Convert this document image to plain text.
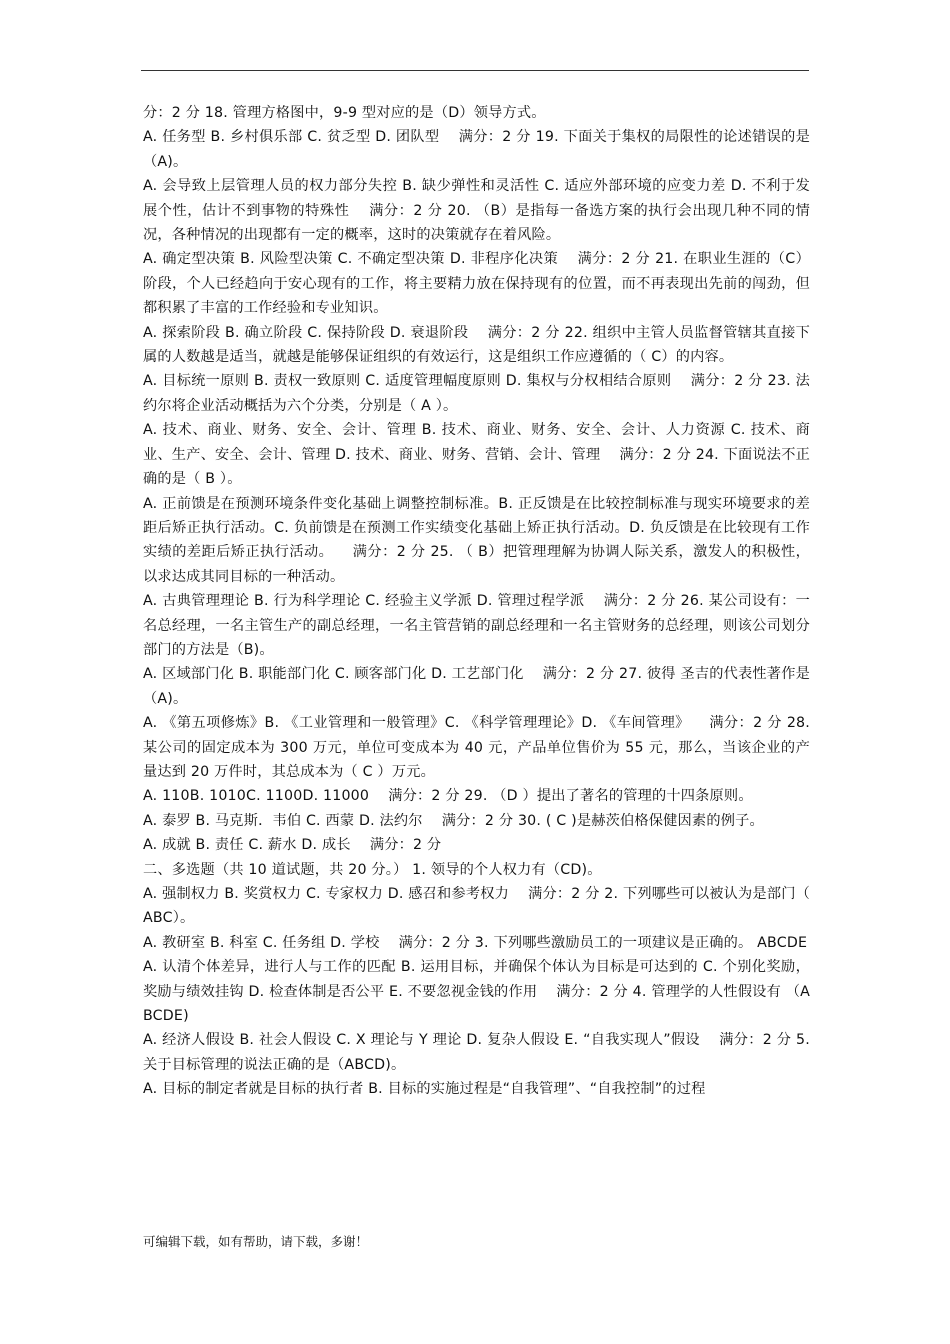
分：2 分 18. 管理方格图中，9-9 型对应的是（D）领导方式。

A. 任务型 B. 乡村俱乐部 C. 贫乏型 D. 团队型 　满分：2 分 19. 下面关于集权的局限性的论述错误的是（A)。

A. 会导致上层管理人员的权力部分失控 B. 缺少弹性和灵活性 C. 适应外部环境的应变力差 D. 不利于发展个性，估计不到事物的特殊性 　满分：2 分 20. （B）是指每一备选方案的执行会出现几种不同的情况，各种情况的出现都有一定的概率，这时的决策就存在着风险。

A. 确定型决策 B. 风险型决策 C. 不确定型决策 D. 非程序化决策 　满分：2 分 21. 在职业生涯的（C）阶段，个人已经趋向于安心现有的工作，将主要精力放在保持现有的位置，而不再表现出先前的闯劲，但都积累了丰富的工作经验和专业知识。

A. 探索阶段 B. 确立阶段 C. 保持阶段 D. 衰退阶段 　满分：2 分 22. 组织中主管人员监督管辖其直接下属的人数越是适当，就越是能够保证组织的有效运行，这是组织工作应遵循的（ C）的内容。

A. 目标统一原则 B. 责权一致原则 C. 适度管理幅度原则 D. 集权与分权相结合原则 　满分：2 分 23. 法约尔将企业活动概括为六个分类，分别是（ A ）。

A. 技术、商业、财务、安全、会计、管理 B. 技术、商业、财务、安全、会计、人力资源 C. 技术、商业、生产、安全、会计、管理 D. 技术、商业、财务、营销、会计、管理 　满分：2 分 24. 下面说法不正确的是（ B ）。

A. 正前馈是在预测环境条件变化基础上调整控制标准。B. 正反馈是在比较控制标准与现实环境要求的差距后矫正执行活动。C. 负前馈是在预测工作实绩变化基础上矫正执行活动。D. 负反馈是在比较现有工作实绩的差距后矫正执行活动。 　满分：2 分 25. （ B）把管理理解为协调人际关系，激发人的积极性，以求达成其同目标的一种活动。

A. 古典管理理论 B. 行为科学理论 C. 经验主义学派 D. 管理过程学派 　满分：2 分 26. 某公司设有：一名总经理，一名主管生产的副总经理，一名主管营销的副总经理和一名主管财务的总经理，则该公司划分部门的方法是（B)。

A. 区域部门化 B. 职能部门化 C. 顾客部门化 D. 工艺部门化 　满分：2 分 27. 彼得 圣吉的代表性著作是（A)。

A. 《第五项修炼》B. 《工业管理和一般管理》C. 《科学管理理论》D. 《车间管理》 　满分：2 分 28. 某公司的固定成本为 300 万元，单位可变成本为 40 元，产品单位售价为 55 元，那么，当该企业的产量达到 20 万件时，其总成本为（ C ）万元。

A. 110B. 1010C. 1100D. 11000 　满分：2 分 29. （D ）提出了著名的管理的十四条原则。

A. 泰罗 B. 马克斯．韦伯 C. 西蒙 D. 法约尔 　满分：2 分 30. ( C )是赫茨伯格保健因素的例子。

A. 成就 B. 责任 C. 薪水 D. 成长 　满分：2 分

二、多选题（共 10 道试题，共 20 分。） 1. 领导的个人权力有（CD)。

A. 强制权力 B. 奖赏权力 C. 专家权力 D. 感召和参考权力 　满分：2 分 2. 下列哪些可以被认为是部门（ ABC）。

A. 教研室 B. 科室 C. 任务组 D. 学校 　满分：2 分 3. 下列哪些激励员工的一项建议是正确的。 ABCDE

A. 认清个体差异，进行人与工作的匹配 B. 运用目标，并确保个体认为目标是可达到的 C. 个别化奖励，奖励与绩效挂钩 D. 检查体制是否公平 E. 不要忽视金钱的作用 　满分：2 分 4. 管理学的人性假设有 （ABCDE)

A. 经济人假设 B. 社会人假设 C. X 理论与 Y 理论 D. 复杂人假设 E. “自我实现人”假设 　满分：2 分 5. 关于目标管理的说法正确的是（ABCD)。

A. 目标的制定者就是目标的执行者 B. 目标的实施过程是“自我管理”、“自我控制”的过程

可编辑下载，如有帮助，请下载，多谢！
